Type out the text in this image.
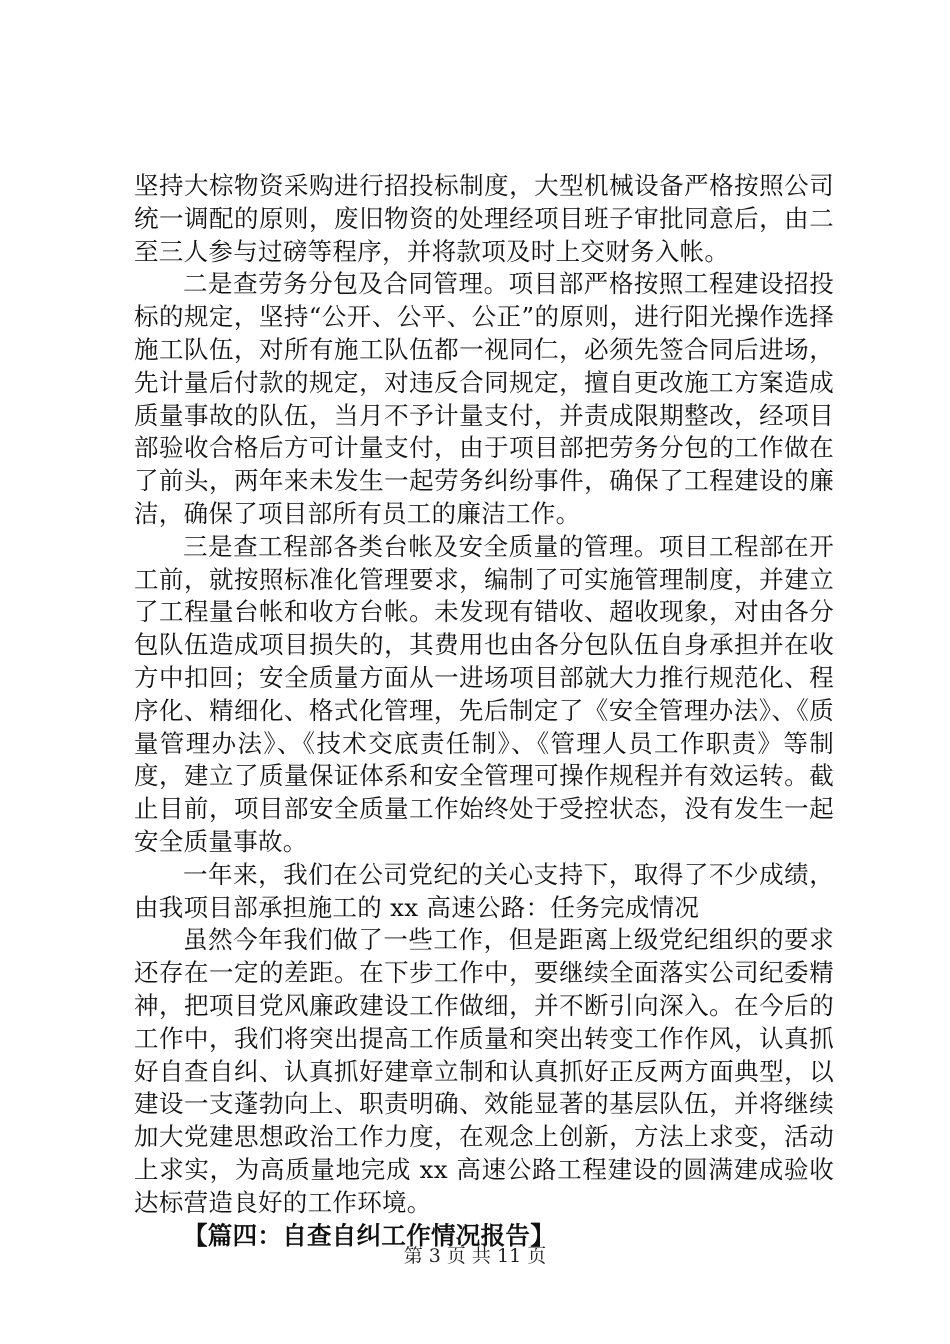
坚持大棕物资采购进行招投标制度，大型机械设备严格按照公司统一调配的原则，废旧物资的处理经项目班子审批同意后，由二至三人参与过磅等程序，并将款项及时上交财务入帐。

二是查劳务分包及合同管理。项目部严格按照工程建设招投标的规定，坚持“公开、公平、公正”的原则，进行阳光操作选择施工队伍，对所有施工队伍都一视同仁，必须先签合同后进场，先计量后付款的规定，对违反合同规定，擅自更改施工方案造成质量事故的队伍，当月不予计量支付，并责成限期整改，经项目部验收合格后方可计量支付，由于项目部把劳务分包的工作做在了前头，两年来未发生一起劳务纠纷事件，确保了工程建设的廉洁，确保了项目部所有员工的廉洁工作。

三是查工程部各类台帐及安全质量的管理。项目工程部在开工前，就按照标准化管理要求，编制了可实施管理制度，并建立了工程量台帐和收方台帐。未发现有错收、超收现象，对由各分包队伍造成项目损失的，其费用也由各分包队伍自身承担并在收方中扣回；安全质量方面从一进场项目部就大力推行规范化、程序化、精细化、格式化管理，先后制定了《安全管理办法》、《质量管理办法》、《技术交底责任制》、《管理人员工作职责》等制度，建立了质量保证体系和安全管理可操作规程并有效运转。截止目前，项目部安全质量工作始终处于受控状态，没有发生一起安全质量事故。

一年来，我们在公司党纪的关心支持下，取得了不少成绩，由我项目部承担施工的 xx 高速公路：任务完成情况

虽然今年我们做了一些工作，但是距离上级党纪组织的要求还存在一定的差距。在下步工作中，要继续全面落实公司纪委精神，把项目党风廉政建设工作做细，并不断引向深入。在今后的工作中，我们将突出提高工作质量和突出转变工作作风，认真抓好自查自纠、认真抓好建章立制和认真抓好正反两方面典型，以建设一支蓬勃向上、职责明确、效能显著的基层队伍，并将继续加大党建思想政治工作力度，在观念上创新，方法上求变，活动上求实，为高质量地完成 xx 高速公路工程建设的圆满建成验收达标营造良好的工作环境。

【篇四：自查自纠工作情况报告】

第 3 页 共 11 页
